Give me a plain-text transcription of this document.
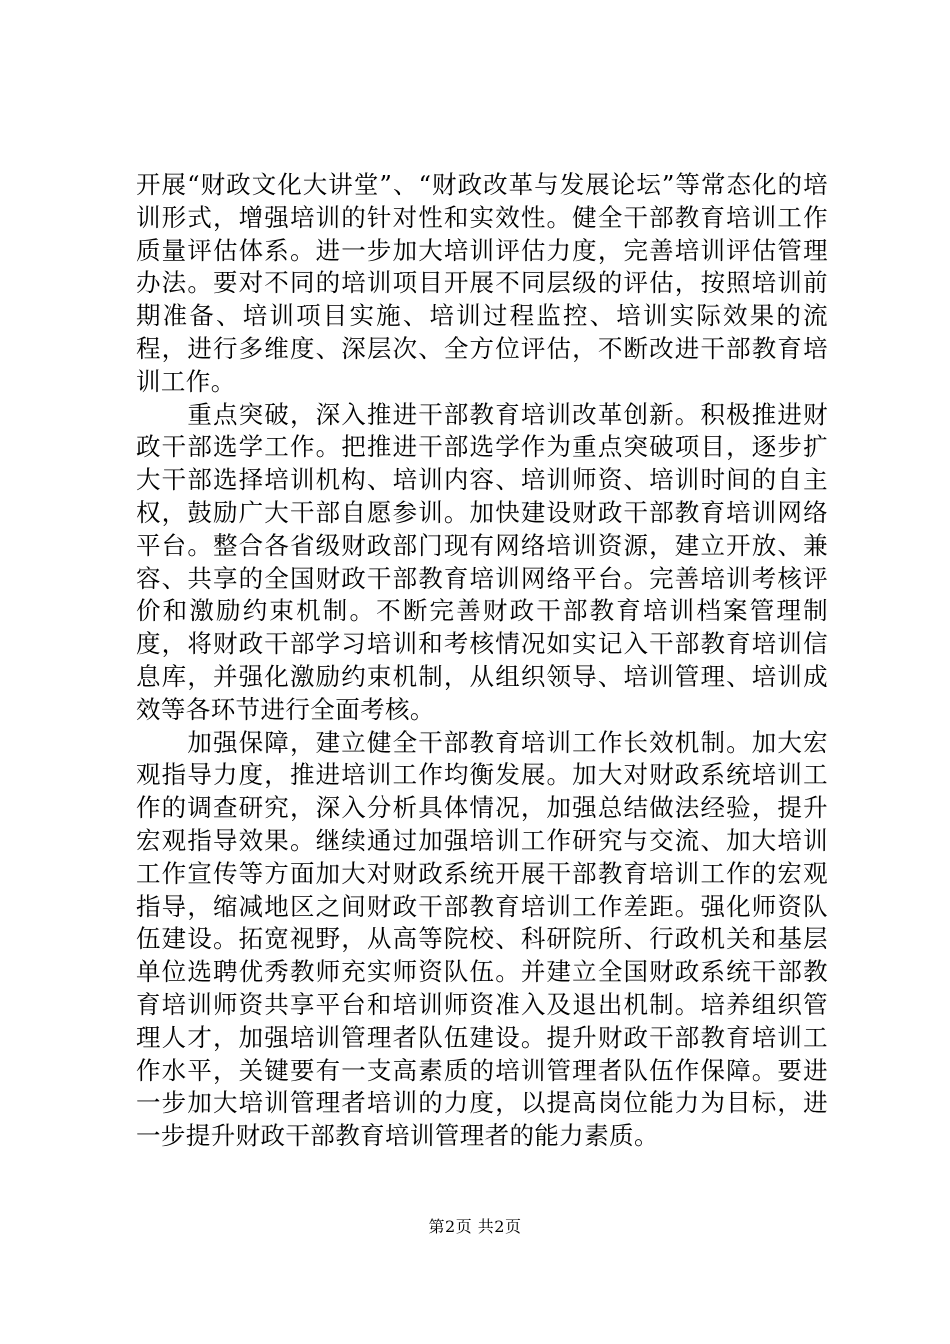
开展“财政文化大讲堂”、“财政改革与发展论坛”等常态化的培训形式，增强培训的针对性和实效性。健全干部教育培训工作质量评估体系。进一步加大培训评估力度，完善培训评估管理办法。要对不同的培训项目开展不同层级的评估，按照培训前期准备、培训项目实施、培训过程监控、培训实际效果的流程，进行多维度、深层次、全方位评估，不断改进干部教育培训工作。

　　重点突破，深入推进干部教育培训改革创新。积极推进财政干部选学工作。把推进干部选学作为重点突破项目，逐步扩大干部选择培训机构、培训内容、培训师资、培训时间的自主权，鼓励广大干部自愿参训。加快建设财政干部教育培训网络平台。整合各省级财政部门现有网络培训资源，建立开放、兼容、共享的全国财政干部教育培训网络平台。完善培训考核评价和激励约束机制。不断完善财政干部教育培训档案管理制度，将财政干部学习培训和考核情况如实记入干部教育培训信息库，并强化激励约束机制，从组织领导、培训管理、培训成效等各环节进行全面考核。

　　加强保障，建立健全干部教育培训工作长效机制。加大宏观指导力度，推进培训工作均衡发展。加大对财政系统培训工作的调查研究，深入分析具体情况，加强总结做法经验，提升宏观指导效果。继续通过加强培训工作研究与交流、加大培训工作宣传等方面加大对财政系统开展干部教育培训工作的宏观指导，缩减地区之间财政干部教育培训工作差距。强化师资队伍建设。拓宽视野，从高等院校、科研院所、行政机关和基层单位选聘优秀教师充实师资队伍。并建立全国财政系统干部教育培训师资共享平台和培训师资准入及退出机制。培养组织管理人才，加强培训管理者队伍建设。提升财政干部教育培训工作水平，关键要有一支高素质的培训管理者队伍作保障。要进一步加大培训管理者培训的力度，以提高岗位能力为目标，进一步提升财政干部教育培训管理者的能力素质。

第2页 共2页
